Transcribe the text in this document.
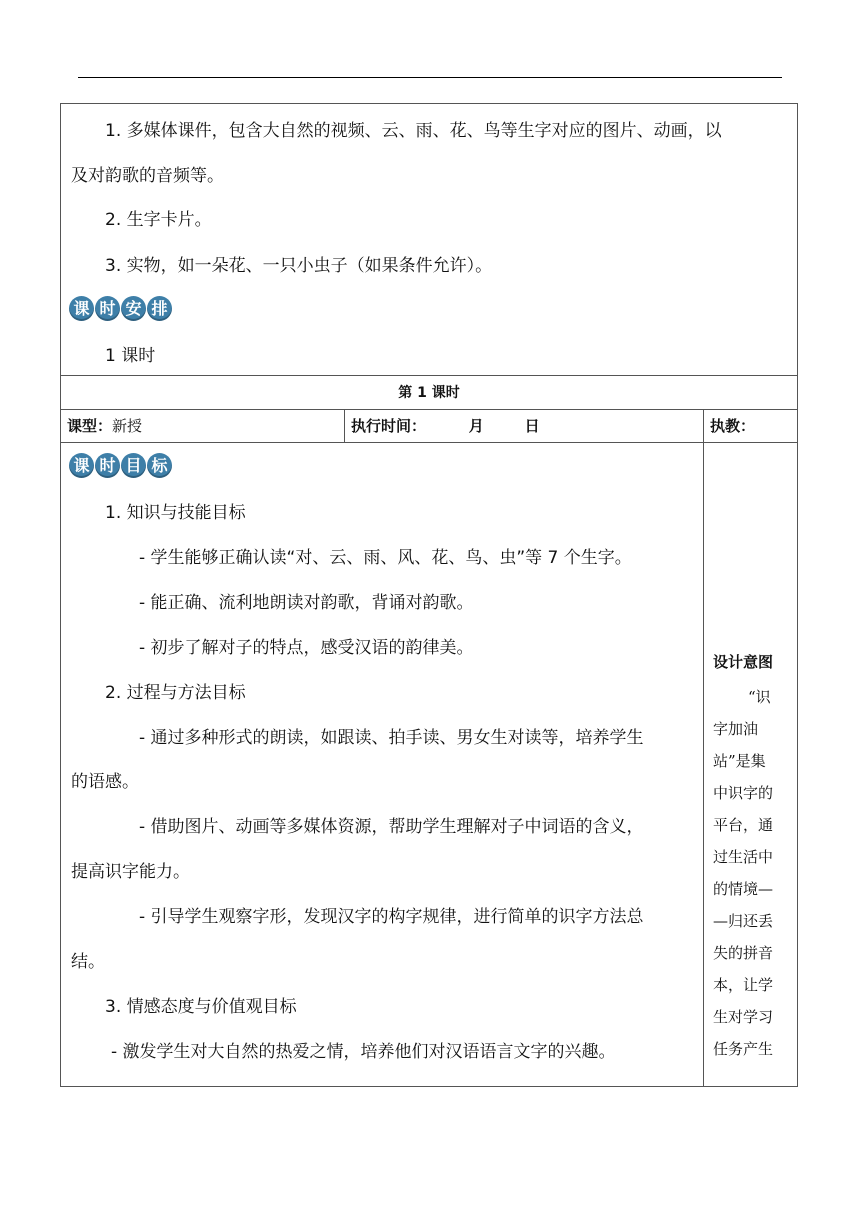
1. 多媒体课件，包含大自然的视频、云、雨、花、鸟等生字对应的图片、动画，以
及对韵歌的音频等。
2. 生字卡片。
3. 实物，如一朵花、一只小虫子（如果条件允许）。
课 时 安 排
1 课时
第 1 课时
课型：新授	执行时间：	月	日	执教：
课 时 目 标
1. 知识与技能目标
- 学生能够正确认读“对、云、雨、风、花、鸟、虫”等 7 个生字。
- 能正确、流利地朗读对韵歌，背诵对韵歌。
- 初步了解对子的特点，感受汉语的韵律美。
2. 过程与方法目标
- 通过多种形式的朗读，如跟读、拍手读、男女生对读等，培养学生
的语感。
- 借助图片、动画等多媒体资源，帮助学生理解对子中词语的含义，
提高识字能力。
- 引导学生观察字形，发现汉字的构字规律，进行简单的识字方法总
结。
3. 情感态度与价值观目标
- 激发学生对大自然的热爱之情，培养他们对汉语语言文字的兴趣。
设计意图
“识
字加油
站”是集
中识字的
平台，通
过生活中
的情境—
—归还丢
失的拼音
本，让学
生对学习
任务产生
